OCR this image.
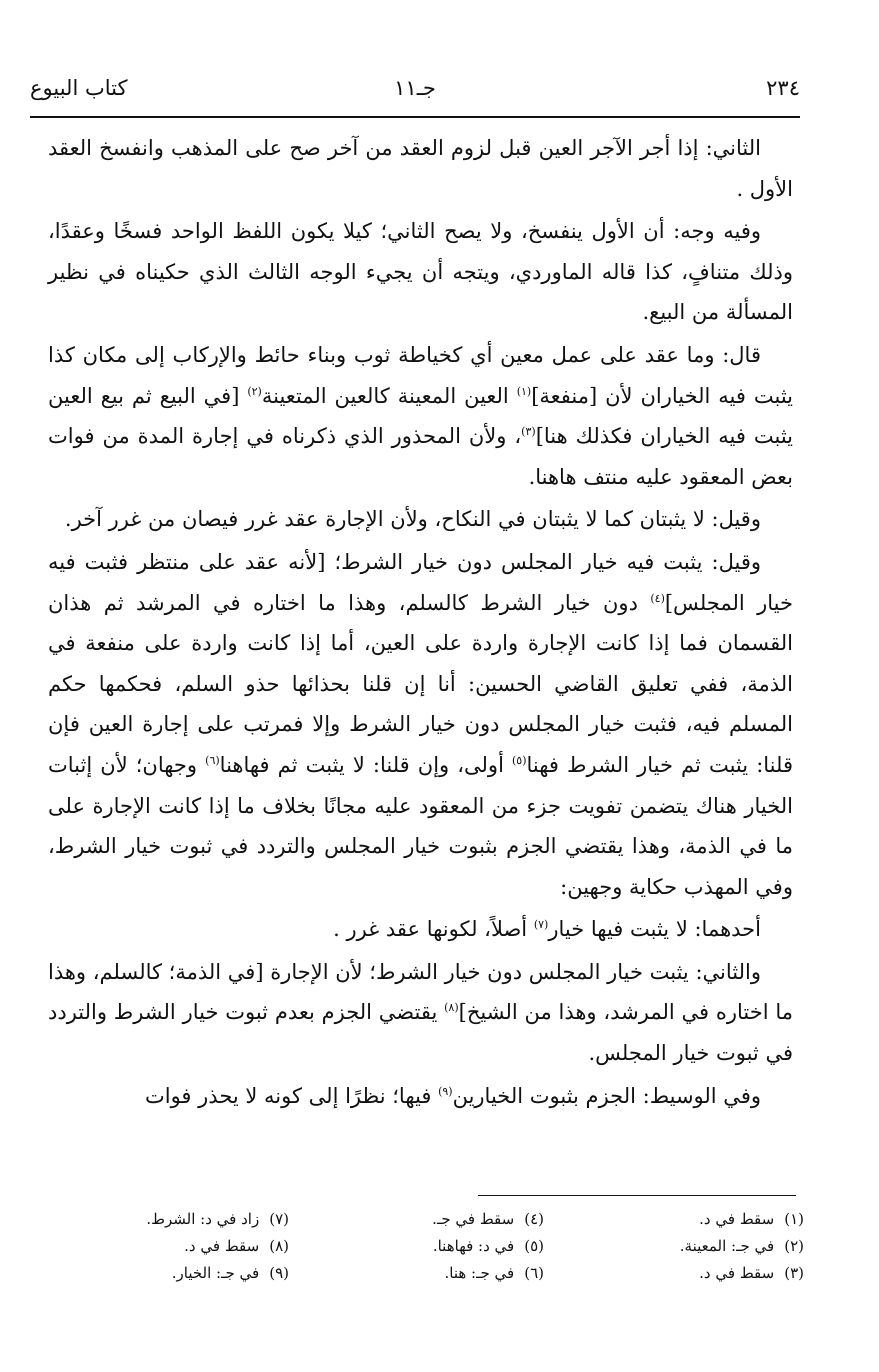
٢٣٤
جـ١١
كتاب البيوع

الثاني: إذا أجر الآجر العين قبل لزوم العقد من آخر صح على المذهب وانفسخ العقد الأول .

وفيه وجه: أن الأول ينفسخ، ولا يصح الثاني؛ كيلا يكون اللفظ الواحد فسخًا وعقدًا، وذلك متنافٍ، كذا قاله الماوردي، ويتجه أن يجيء الوجه الثالث الذي حكيناه في نظير المسألة من البيع.

قال: وما عقد على عمل معين أي كخياطة ثوب وبناء حائط والإركاب إلى مكان كذا يثبت فيه الخياران لأن [منفعة]$^{(١)}$ العين المعينة كالعين المتعينة$^{(٢)}$ [في البيع ثم بيع العين يثبت فيه الخياران فكذلك هنا]$^{(٣)}$، ولأن المحذور الذي ذكرناه في إجارة المدة من فوات بعض المعقود عليه منتف هاهنا.

وقيل: لا يثبتان كما لا يثبتان في النكاح، ولأن الإجارة عقد غرر فيصان من غرر آخر.

وقيل: يثبت فيه خيار المجلس دون خيار الشرط؛ [لأنه عقد على منتظر فثبت فيه خيار المجلس]$^{(٤)}$ دون خيار الشرط كالسلم، وهذا ما اختاره في المرشد ثم هذان القسمان فما إذا كانت الإجارة واردة على العين، أما إذا كانت واردة على منفعة في الذمة، ففي تعليق القاضي الحسين: أنا إن قلنا بحذائها حذو السلم، فحكمها حكم المسلم فيه، فثبت خيار المجلس دون خيار الشرط وإلا فمرتب على إجارة العين فإن قلنا: يثبت ثم خيار الشرط فهنا$^{(٥)}$ أولى، وإن قلنا: لا يثبت ثم فهاهنا$^{(٦)}$ وجهان؛ لأن إثبات الخيار هناك يتضمن تفويت جزء من المعقود عليه مجانًا بخلاف ما إذا كانت الإجارة على ما في الذمة، وهذا يقتضي الجزم بثبوت خيار المجلس والتردد في ثبوت خيار الشرط، وفي المهذب حكاية وجهين:

أحدهما: لا يثبت فيها خيار$^{(٧)}$ أصلاً، لكونها عقد غرر .

والثاني: يثبت خيار المجلس دون خيار الشرط؛ لأن الإجارة [في الذمة؛ كالسلم، وهذا ما اختاره في المرشد، وهذا من الشيخ]$^{(٨)}$ يقتضي الجزم بعدم ثبوت خيار الشرط والتردد في ثبوت خيار المجلس.

وفي الوسيط: الجزم بثبوت الخيارين$^{(٩)}$ فيها؛ نظرًا إلى كونه لا يحذر فوات

(١)سقط في د.
(٢)في جـ: المعينة.
(٣)سقط في د.
(٤)سقط في جـ.
(٥)في د: فهاهنا.
(٦)في جـ: هنا.
(٧)زاد في د: الشرط.
(٨)سقط في د.
(٩)في جـ: الخيار.
